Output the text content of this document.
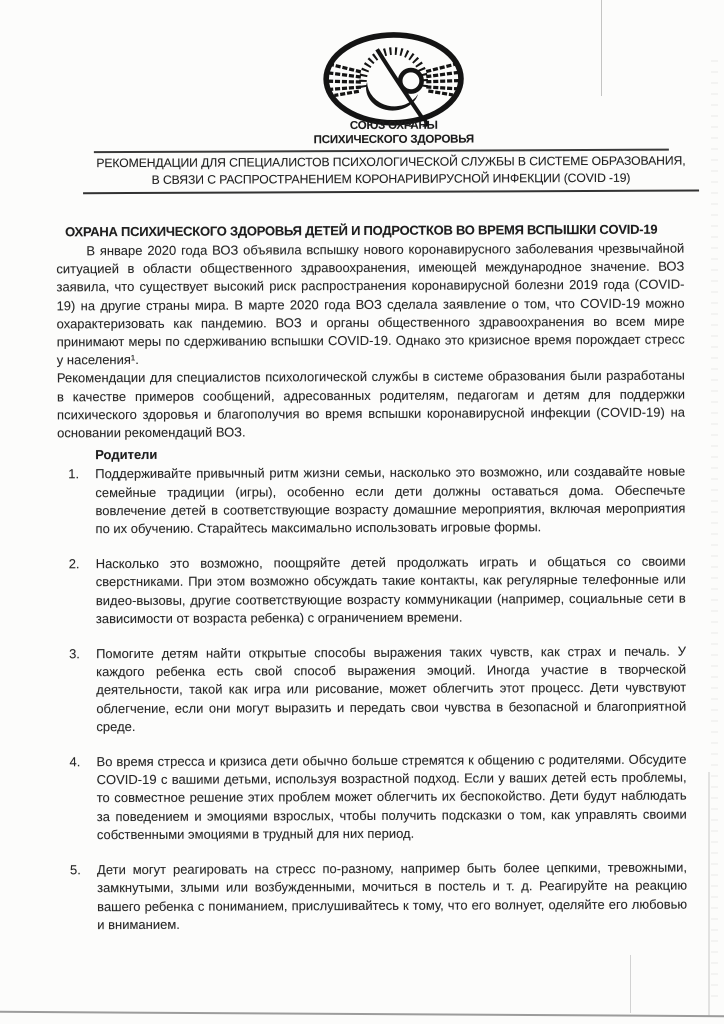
СОЮЗ ОХРАНЫ
ПСИХИЧЕСКОГО ЗДОРОВЬЯ
РЕКОМЕНДАЦИИ ДЛЯ СПЕЦИАЛИСТОВ ПСИХОЛОГИЧЕСКОЙ СЛУЖБЫ В СИСТЕМЕ ОБРАЗОВАНИЯ,
В СВЯЗИ С РАСПРОСТРАНЕНИЕМ КОРОНАРИВИРУСНОЙ ИНФЕКЦИИ (COVID -19)
ОХРАНА ПСИХИЧЕСКОГО ЗДОРОВЬЯ ДЕТЕЙ И ПОДРОСТКОВ ВО ВРЕМЯ ВСПЫШКИ COVID-19

В январе 2020 года ВОЗ объявила вспышку нового коронавирусного заболевания чрезвычайной ситуацией в области общественного здравоохранения, имеющей международное значение. ВОЗ заявила, что существует высокий риск распространения коронавирусной болезни 2019 года (COVID-19) на другие страны мира. В марте 2020 года ВОЗ сделала заявление о том, что COVID-19 можно охарактеризовать как пандемию. ВОЗ и органы общественного здравоохранения во всем мире принимают меры по сдерживанию вспышки COVID-19. Однако это кризисное время порождает стресс у населения¹.

Рекомендации для специалистов психологической службы в системе образования были разработаны в качестве примеров сообщений, адресованных родителям, педагогам и детям для поддержки психического здоровья и благополучия во время вспышки коронавирусной инфекции (COVID-19) на основании рекомендаций ВОЗ.

Родители
1. Поддерживайте привычный ритм жизни семьи, насколько это возможно, или создавайте новые семейные традиции (игры), особенно если дети должны оставаться дома. Обеспечьте вовлечение детей в соответствующие возрасту домашние мероприятия, включая мероприятия по их обучению. Старайтесь максимально использовать игровые формы.
2. Насколько это возможно, поощряйте детей продолжать играть и общаться со своими сверстниками. При этом возможно обсуждать такие контакты, как регулярные телефонные или видео-вызовы, другие соответствующие возрасту коммуникации (например, социальные сети в зависимости от возраста ребенка) с ограничением времени.
3. Помогите детям найти открытые способы выражения таких чувств, как страх и печаль. У каждого ребенка есть свой способ выражения эмоций. Иногда участие в творческой деятельности, такой как игра или рисование, может облегчить этот процесс. Дети чувствуют облегчение, если они могут выразить и передать свои чувства в безопасной и благоприятной среде.
4. Во время стресса и кризиса дети обычно больше стремятся к общению с родителями. Обсудите COVID-19 с вашими детьми, используя возрастной подход. Если у ваших детей есть проблемы, то совместное решение этих проблем может облегчить их беспокойство. Дети будут наблюдать за поведением и эмоциями взрослых, чтобы получить подсказки о том, как управлять своими собственными эмоциями в трудный для них период.
5. Дети могут реагировать на стресс по-разному, например быть более цепкими, тревожными, замкнутыми, злыми или возбужденными, мочиться в постель и т. д. Реагируйте на реакцию вашего ребенка с пониманием, прислушивайтесь к тому, что его волнует, оделяйте его любовью и вниманием.
